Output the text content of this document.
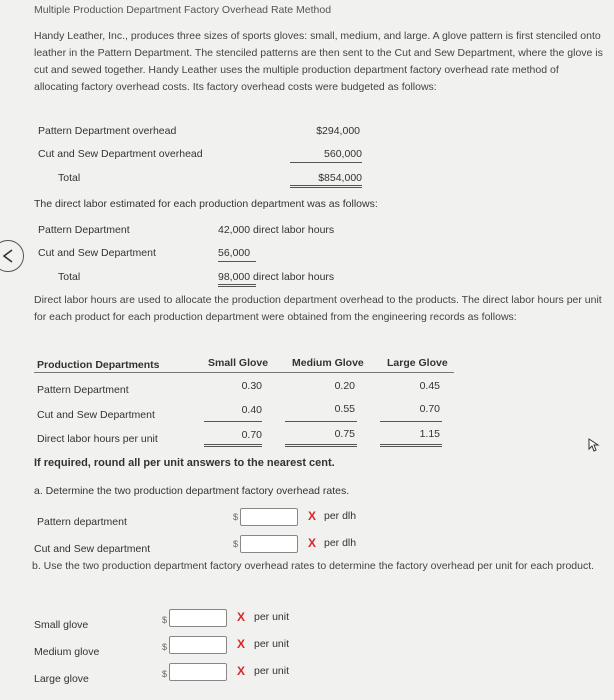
Multiple Production Department Factory Overhead Rate Method
Handy Leather, Inc., produces three sizes of sports gloves: small, medium, and large. A glove pattern is first stenciled onto leather in the Pattern Department. The stenciled patterns are then sent to the Cut and Sew Department, where the glove is cut and sewed together. Handy Leather uses the multiple production department factory overhead rate method of allocating factory overhead costs. Its factory overhead costs were budgeted as follows:
Pattern Department overhead	$294,000
Cut and Sew Department overhead	560,000
Total	$854,000
The direct labor estimated for each production department was as follows:
Pattern Department	42,000 direct labor hours
Cut and Sew Department	56,000
Total	98,000 direct labor hours
Direct labor hours are used to allocate the production department overhead to the products. The direct labor hours per unit for each product for each production department were obtained from the engineering records as follows:
Production Departments	Small Glove Medium Glove Large Glove
Pattern Department	0.30	0.20	0.45
Cut and Sew Department	0.40	0.55	0.70
Direct labor hours per unit	0.70	0.75	1.15
If required, round all per unit answers to the nearest cent.
a. Determine the two production department factory overhead rates.
Pattern department	$	X per dlh
Cut and Sew department	$	X per dlh
b. Use the two production department factory overhead rates to determine the factory overhead per unit for each product.
Small glove	$	X per unit
Medium glove	$	X per unit
Large glove	$	X per unit
